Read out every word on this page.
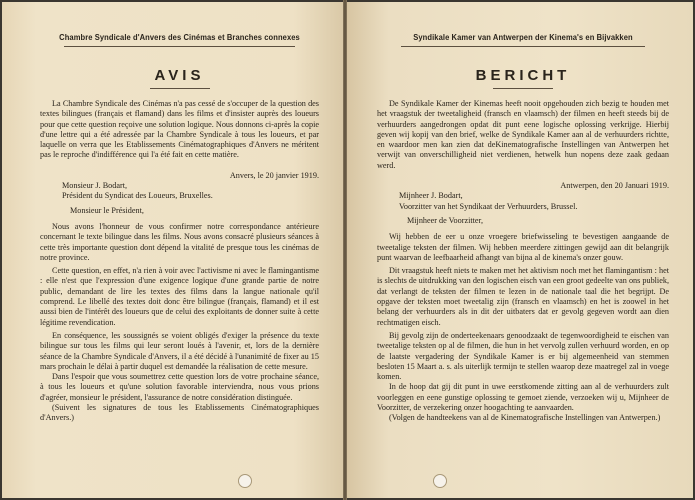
Chambre Syndicale d'Anvers des Cinémas et Branches connexes
AVIS

La Chambre Syndicale des Cinémas n'a pas cessé de s'occuper de la question des textes bilingues (français et flamand) dans les films et d'insister auprès des loueurs pour que cette question reçoive une solution logique. Nous donnons ci-après la copie d'une lettre qui a été adressée par la Chambre Syndicale à tous les loueurs, et par laquelle on verra que les Etablissements Cinématographiques d'Anvers ne méritent pas le reproche d'indifférence qui l'a été fait en cette matière.

Anvers, le 20 janvier 1919.

Monsieur J. Bodart,

Président du Syndicat des Loueurs, Bruxelles.

Monsieur le Président,

Nous avons l'honneur de vous confirmer notre correspondance antérieure concernant le texte bilingue dans les films. Nous avons consacré plusieurs séances à cette très importante question dont dépend la vitalité de presque tous les cinémas de notre province.

Cette question, en effet, n'a rien à voir avec l'activisme ni avec le flamingantisme : elle n'est que l'expression d'une exigence logique d'une grande partie de notre public, demandant de lire les textes des films dans la langue nationale qu'il comprend. Le libellé des textes doit donc être bilingue (français, flamand) et il est aussi bien de l'intérêt des loueurs que de celui des exploitants de donner suite à cette légitime revendication.

En conséquence, les soussignés se voient obligés d'exiger la présence du texte bilingue sur tous les films qui leur seront loués à l'avenir, et, lors de la dernière séance de la Chambre Syndicale d'Anvers, il a été décidé à l'unanimité de fixer au 15 mars prochain le délai à partir duquel est demandée la réalisation de cette mesure.

Dans l'espoir que vous soumettrez cette question lors de votre prochaine séance, à tous les loueurs et qu'une solution favorable interviendra, nous vous prions d'agréer, monsieur le président, l'assurance de notre considération distinguée.

(Suivent les signatures de tous les Etablissements Cinématographiques d'Anvers.)

Syndikale Kamer van Antwerpen der Kinema's en Bijvakken
BERICHT

De Syndikale Kamer der Kinemas heeft nooit opgehouden zich bezig te houden met het vraagstuk der tweetaligheid (fransch en vlaamsch) der filmen en heeft steeds bij de verhuurders aangedrongen opdat dit punt eene logische oplossing verkrijge. Hierbij geven wij kopij van den brief, welke de Syndikale Kamer aan al de verhuurders richtte, en waardoor men kan zien dat deKinematografische Instellingen van Antwerpen het verwijt van onverschilligheid niet verdienen, hetwelk hun nopens deze zaak gedaan werd.

Antwerpen, den 20 Januari 1919.

Mijnheer J. Bodart,

Voorzitter van het Syndikaat der Verhuurders, Brussel.

Mijnheer de Voorzitter,

Wij hebben de eer u onze vroegere briefwisseling te bevestigen aangaande de tweetalige teksten der filmen. Wij hebben meerdere zittingen gewijd aan dit belangrijk punt waarvan de leefbaarheid afhangt van bijna al de kinema's onzer gouw.

Dit vraagstuk heeft niets te maken met het aktivism noch met het flamingantism : het is slechts de uitdrukking van den logischen eisch van een groot gedeelte van ons publiek, dat verlangt de teksten der filmen te lezen in de nationale taal die het begrijpt. De opgave der teksten moet tweetalig zijn (fransch en vlaamsch) en het is zoowel in het belang der verhuurders als in dit der uitbaters dat er gevolg gegeven wordt aan dien rechtmatigen eisch.

Bij gevolg zijn de onderteekenaars genoodzaakt de tegenwoordigheid te eischen van tweetalige teksten op al de filmen, die hun in het vervolg zullen verhuurd worden, en op de laatste vergadering der Syndikale Kamer is er bij algemeenheid van stemmen besloten 15 Maart a. s. als uiterlijk termijn te stellen waarop deze maatregel zal in voege komen.

In de hoop dat gij dit punt in uwe eerstkomende zitting aan al de verhuurders zult voorleggen en eene gunstige oplossing te gemoet ziende, verzoeken wij u, Mijnheer de Voorzitter, de verzekering onzer hoogachting te aanvaarden.

(Volgen de handteekens van al de Kinematografische Instellingen van Antwerpen.)
